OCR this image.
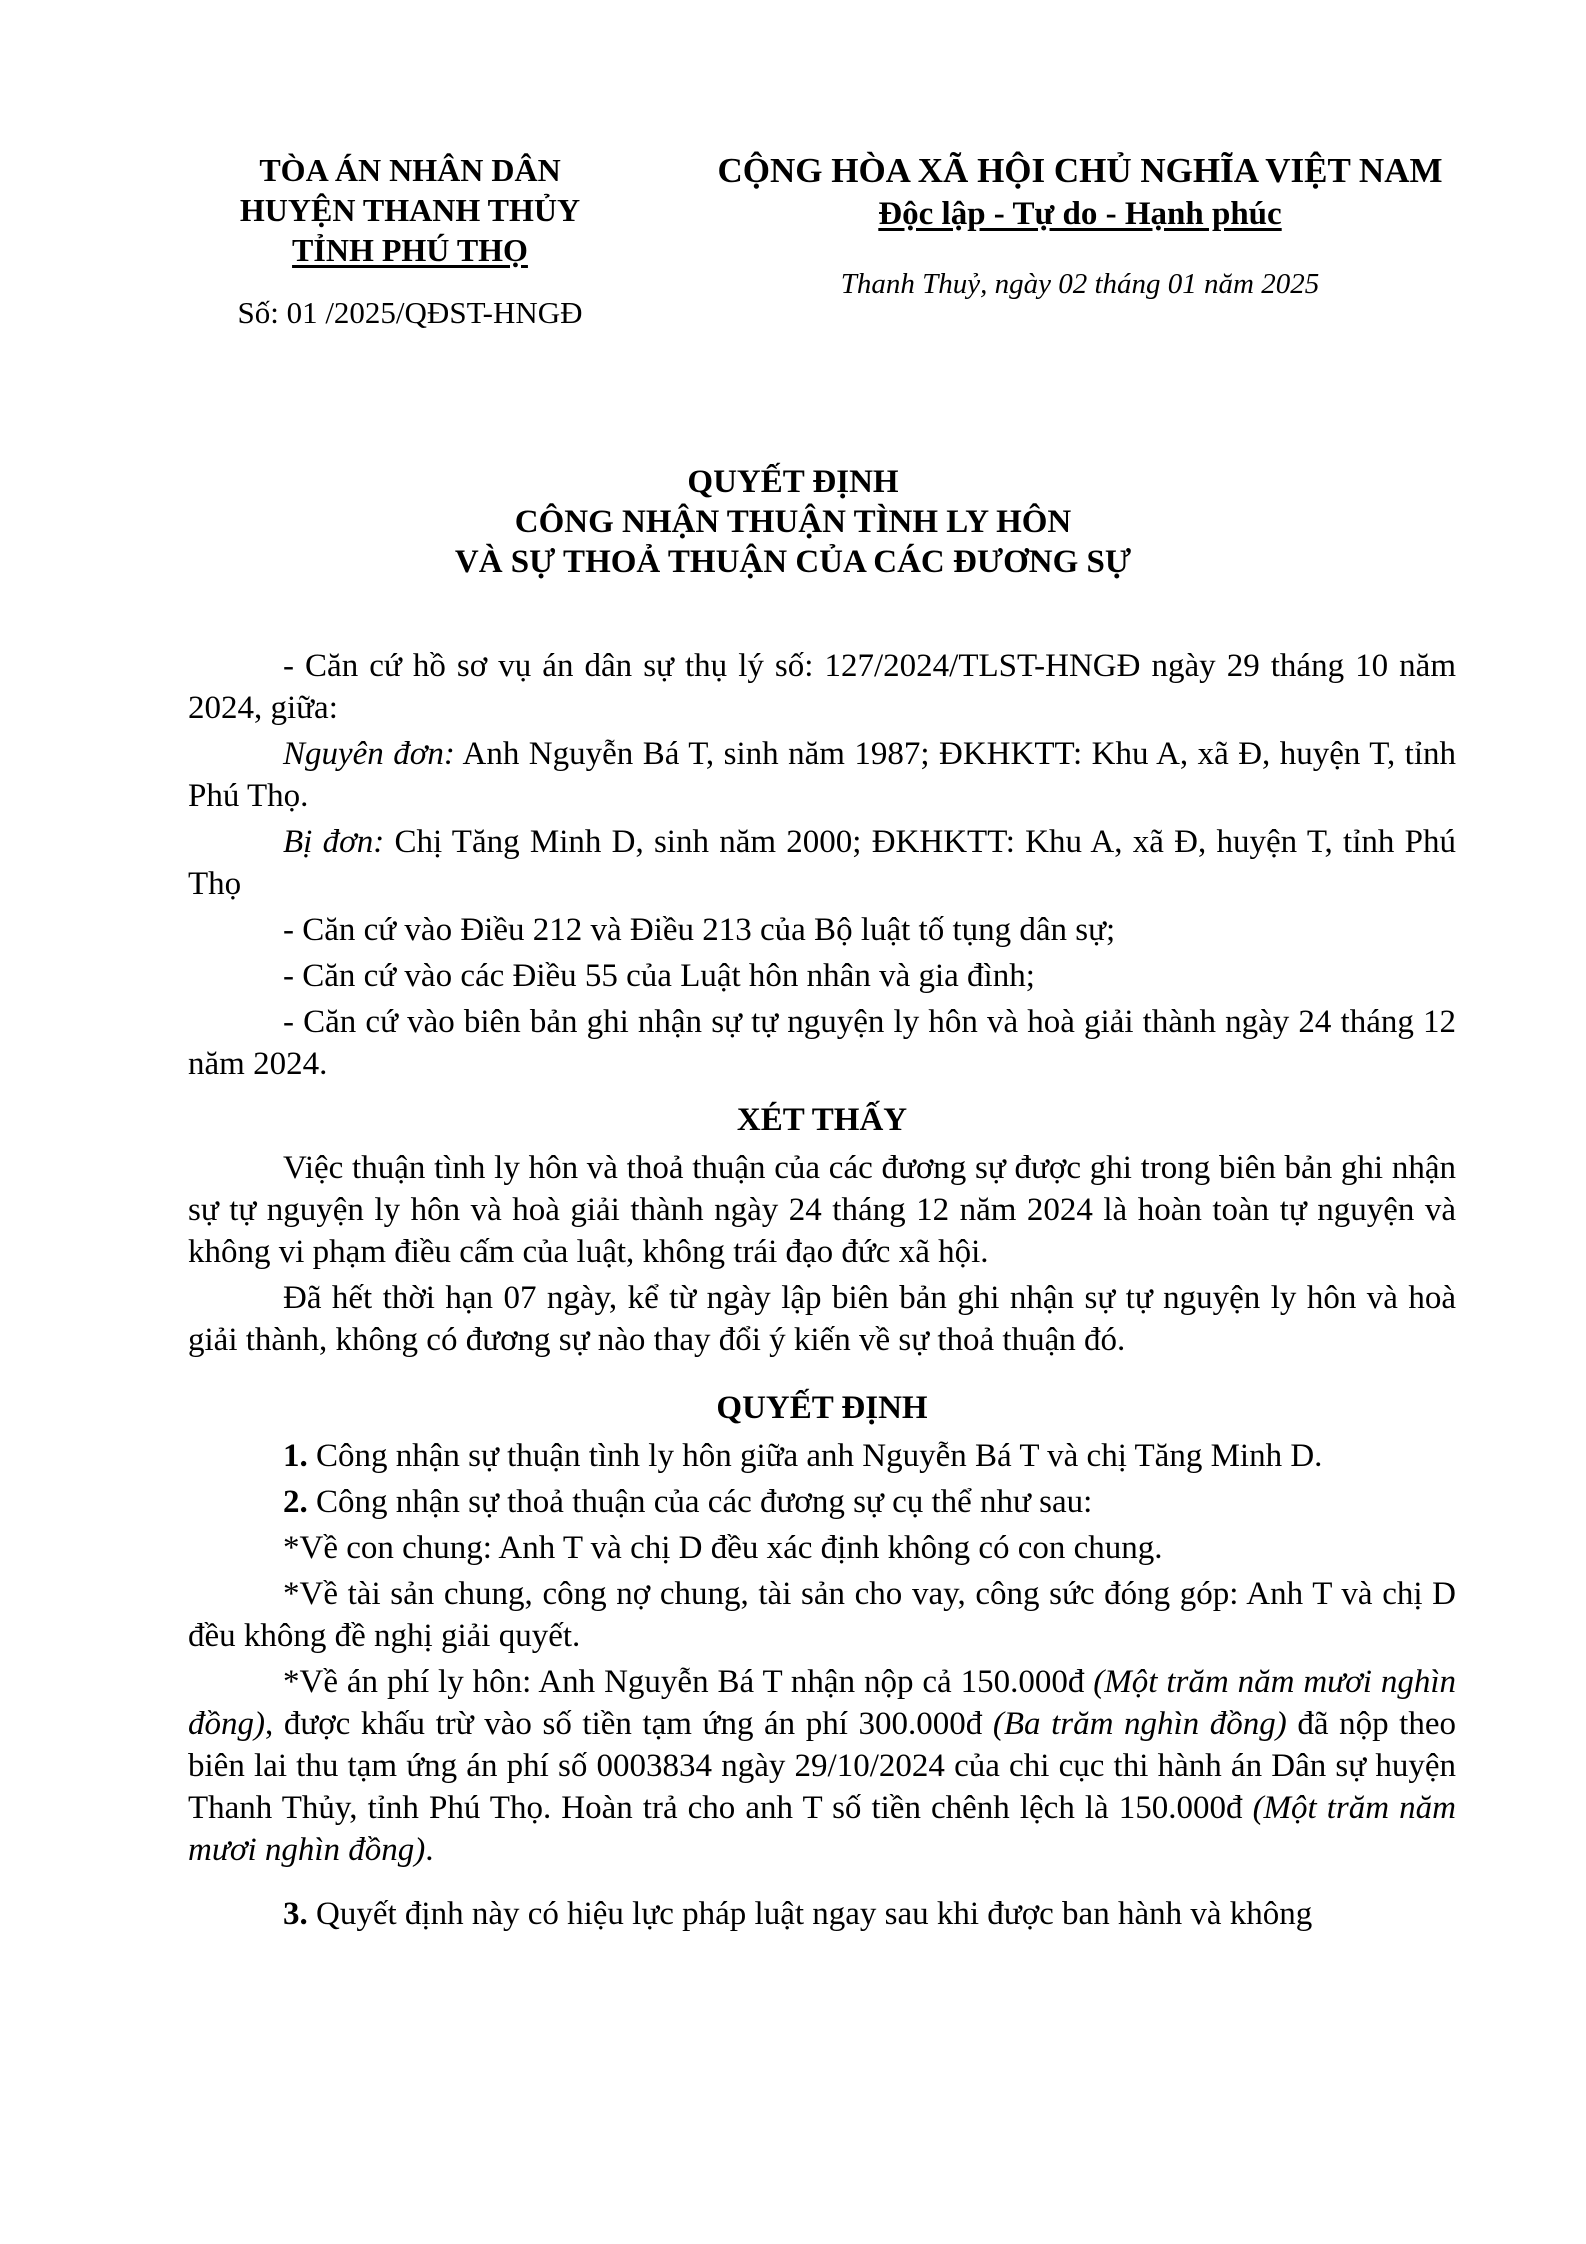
TÒA ÁN NHÂN DÂN
HUYỆN THANH THỦY
TỈNH PHÚ THỌ
Số: 01 /2025/QĐST-HNGĐ
CỘNG HÒA XÃ HỘI CHỦ NGHĨA VIỆT NAM
Độc lập - Tự do - Hạnh phúc
Thanh Thuỷ, ngày 02 tháng 01 năm 2025
QUYẾT ĐỊNH
CÔNG NHẬN THUẬN TÌNH LY HÔN
VÀ SỰ THOẢ THUẬN CỦA CÁC ĐƯƠNG SỰ

- Căn cứ hồ sơ vụ án dân sự thụ lý số: 127/2024/TLST-HNGĐ ngày 29 tháng 10 năm 2024, giữa:

Nguyên đơn: Anh Nguyễn Bá T, sinh năm 1987; ĐKHKTT: Khu A, xã Đ, huyện T, tỉnh Phú Thọ.

Bị đơn: Chị Tăng Minh D, sinh năm 2000; ĐKHKTT: Khu A, xã Đ, huyện T, tỉnh Phú Thọ

- Căn cứ vào Điều 212 và Điều 213 của Bộ luật tố tụng dân sự;

- Căn cứ vào các Điều 55 của Luật hôn nhân và gia đình;

- Căn cứ vào biên bản ghi nhận sự tự nguyện ly hôn và hoà giải thành ngày 24 tháng 12 năm 2024.

XÉT THẤY

Việc thuận tình ly hôn và thoả thuận của các đương sự được ghi trong biên bản ghi nhận sự tự nguyện ly hôn và hoà giải thành ngày 24 tháng 12 năm 2024 là hoàn toàn tự nguyện và không vi phạm điều cấm của luật, không trái đạo đức xã hội.

Đã hết thời hạn 07 ngày, kể từ ngày lập biên bản ghi nhận sự tự nguyện ly hôn và hoà giải thành, không có đương sự nào thay đổi ý kiến về sự thoả thuận đó.

QUYẾT ĐỊNH

1. Công nhận sự thuận tình ly hôn giữa anh Nguyễn Bá T và chị Tăng Minh D.

2. Công nhận sự thoả thuận của các đương sự cụ thể như sau:

*Về con chung: Anh T và chị D đều xác định không có con chung.

*Về tài sản chung, công nợ chung, tài sản cho vay, công sức đóng góp: Anh T và chị D đều không đề nghị giải quyết.

*Về án phí ly hôn: Anh Nguyễn Bá T nhận nộp cả 150.000đ (Một trăm năm mươi nghìn đồng), được khấu trừ vào số tiền tạm ứng án phí 300.000đ (Ba trăm nghìn đồng) đã nộp theo biên lai thu tạm ứng án phí số 0003834 ngày 29/10/2024 của chi cục thi hành án Dân sự huyện Thanh Thủy, tỉnh Phú Thọ. Hoàn trả cho anh T số tiền chênh lệch là 150.000đ (Một trăm năm mươi nghìn đồng).

3. Quyết định này có hiệu lực pháp luật ngay sau khi được ban hành và không
